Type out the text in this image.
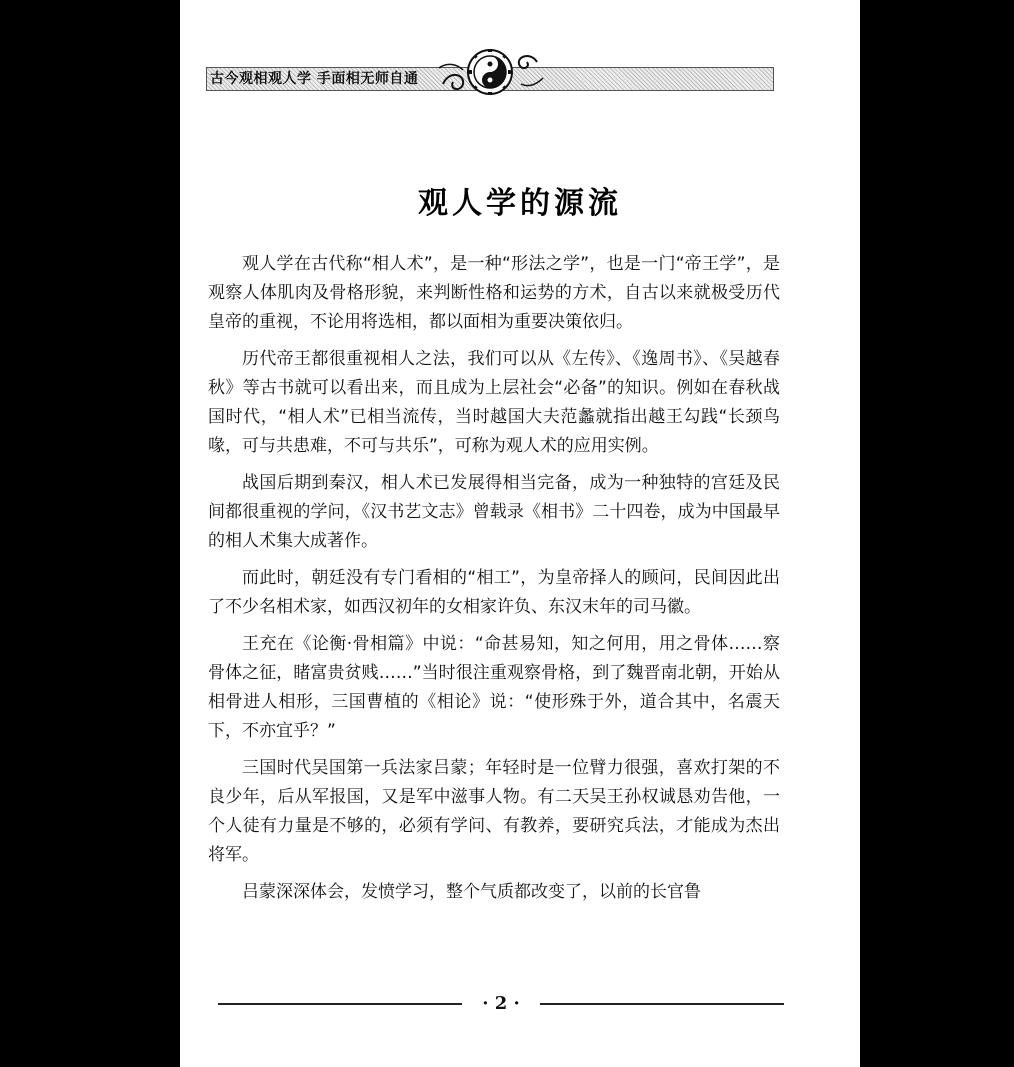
古今观相观人学 手面相无师自通
观人学的源流

观人学在古代称“相人术”，是一种“形法之学”，也是一门“帝王学”，是观察人体肌肉及骨格形貌，来判断性格和运势的方术，自古以来就极受历代皇帝的重视，不论用将选相，都以面相为重要决策依归。

历代帝王都很重视相人之法，我们可以从《左传》、《逸周书》、《吴越春秋》等古书就可以看出来，而且成为上层社会“必备”的知识。例如在春秋战国时代，“相人术”已相当流传，当时越国大夫范蠡就指出越王勾践“长颈鸟喙，可与共患难，不可与共乐”，可称为观人术的应用实例。

战国后期到秦汉，相人术已发展得相当完备，成为一种独特的宫廷及民间都很重视的学问，《汉书艺文志》曾载录《相书》二十四卷，成为中国最早的相人术集大成著作。

而此时，朝廷没有专门看相的“相工”，为皇帝择人的顾问，民间因此出了不少名相术家，如西汉初年的女相家许负、东汉末年的司马徽。

王充在《论衡·骨相篇》中说：“命甚易知，知之何用，用之骨体……察骨体之征，睹富贵贫贱……”当时很注重观察骨格，到了魏晋南北朝，开始从相骨进人相形，三国曹植的《相论》说：“使形殊于外，道合其中，名震天下，不亦宜乎？”

三国时代吴国第一兵法家吕蒙；年轻时是一位臂力很强，喜欢打架的不良少年，后从军报国，又是军中滋事人物。有二天吴王孙权诚恳劝告他，一个人徒有力量是不够的，必须有学问、有教养，要研究兵法，才能成为杰出将军。

吕蒙深深体会，发愤学习，整个气质都改变了，以前的长官鲁

· 2 ·
